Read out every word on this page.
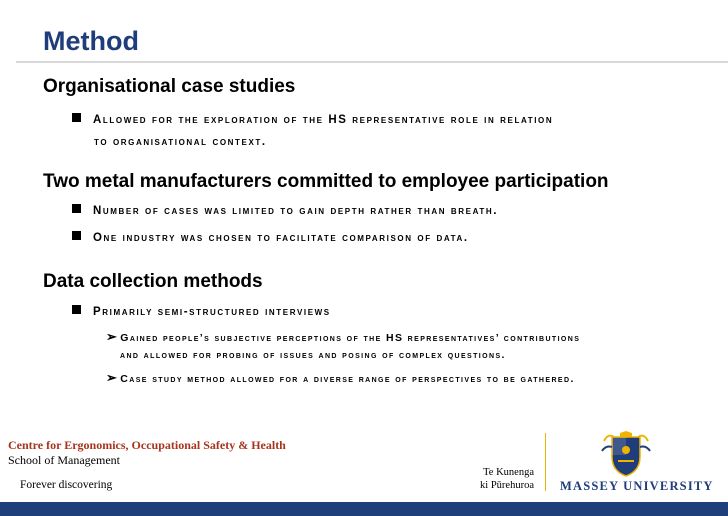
Method
Organisational case studies
Allowed for the exploration of the HS representative role in relation
to organisational context.
Two metal manufacturers committed to employee participation
Number of cases was limited to gain depth rather than breath.
One industry was chosen to facilitate comparison of data.
Data collection methods
Primarily semi-structured interviews
➢ Gained people’s subjective perceptions of the HS representatives’ contributions
and allowed for probing of issues and posing of complex questions.
➢ Case study method allowed for a diverse range of perspectives to be gathered.
Centre for Ergonomics, Occupational Safety & Health
School of Management
Forever discovering
Te Kunenga
ki Pūrehuroa MASSEY UNIVERSITY
